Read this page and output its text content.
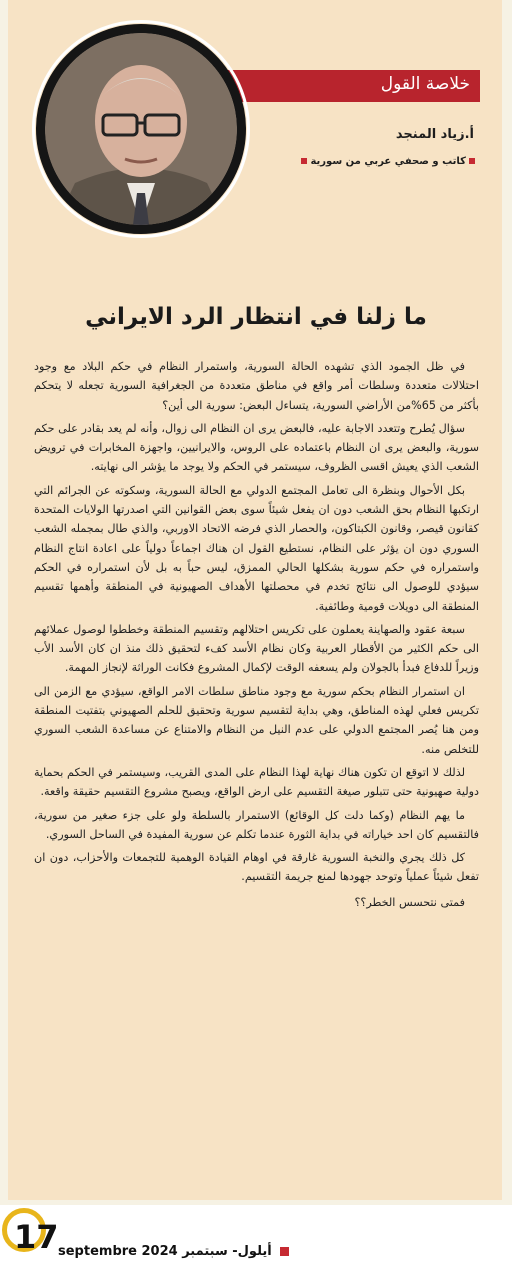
خلاصة القول
أ.زياد المنجد
كاتب و صحفي عربي من سورية
ما زلنا في انتظار الرد الايراني

في ظل الجمود الذي تشهده الحالة السورية، واستمرار النظام في حكم البلاد مع وجود احتلالات متعددة وسلطات أمر واقع في مناطق متعددة من الجغرافية السورية تجعله لا يتحكم بأكثر من 65%من الأراضي السورية، يتساءل البعض: سورية الى أين؟

سؤال يُطرح وتتعدد الاجابة عليه، فالبعض يرى ان النظام الى زوال، وأنه لم يعد بقادر على حكم سورية، والبعض يرى ان النظام باعتماده على الروس، والايرانيين، واجهزة المخابرات في ترويض الشعب الذي يعيش اقسى الظروف، سيستمر في الحكم ولا يوجد ما يؤشر الى نهايته.

بكل الأحوال وبنظرة الى تعامل المجتمع الدولي مع الحالة السورية، وسكوته عن الجرائم التي ارتكبها النظام بحق الشعب دون ان يفعل شيئاً سوى بعض القوانين التي اصدرتها الولايات المتحدة كقانون قيصر، وقانون الكبتاكون، والحصار الذي فرضه الاتحاد الاوربي، والذي طال بمجمله الشعب السوري دون ان يؤثر على النظام، نستطيع القول ان هناك اجماعاً دولياً على اعادة انتاج النظام واستمراره في حكم سورية بشكلها الحالي الممزق، ليس حباً به بل لأن استمراره في الحكم سيؤدي للوصول الى نتائج تخدم في محصلتها الأهداف الصهيونية في المنطقة وأهمها تقسيم المنطقة الى دويلات قومية وطائفية.

سبعة عقود والصهاينة يعملون على تكريس احتلالهم وتقسيم المنطقة وخططوا لوصول عملائهم الى حكم الكثير من الأقطار العربية وكان نظام الأسد كفء لتحقيق ذلك منذ ان كان الأسد الأب وزيراً للدفاع فبدأ بالجولان ولم يسعفه الوقت لإكمال المشروع فكانت الوراثة لإنجاز المهمة.

ان استمرار النظام بحكم سورية مع وجود مناطق سلطات الامر الواقع، سيؤدي مع الزمن الى تكريس فعلي لهذه المناطق، وهي بداية لتقسيم سورية وتحقيق للحلم الصهيوني بتفتيت المنطقة ومن هنا يُصر المجتمع الدولي على عدم النيل من النظام والامتناع عن مساعدة الشعب السوري للتخلص منه.

لذلك لا اتوقع ان تكون هناك نهاية لهذا النظام على المدى القريب، وسيستمر في الحكم بحماية دولية صهيونية حتى تتبلور صيغة التقسيم على ارض الواقع، ويصبح مشروع التقسيم حقيقة واقعة.

ما يهم النظام (وكما دلت كل الوقائع) الاستمرار بالسلطة ولو على جزء صغير من سورية، فالتقسيم كان احد خياراته في بداية الثورة عندما تكلم عن سورية المفيدة في الساحل السوري.

كل ذلك يجري والنخبة السورية غارقة في اوهام القيادة الوهمية للتجمعات والأحزاب، دون ان تفعل شيئاً عملياً وتوحد جهودها لمنع جريمة التقسيم.

فمتى نتحسس الخطر؟؟

17 septembre 2024 أيلول- سبتمبر
